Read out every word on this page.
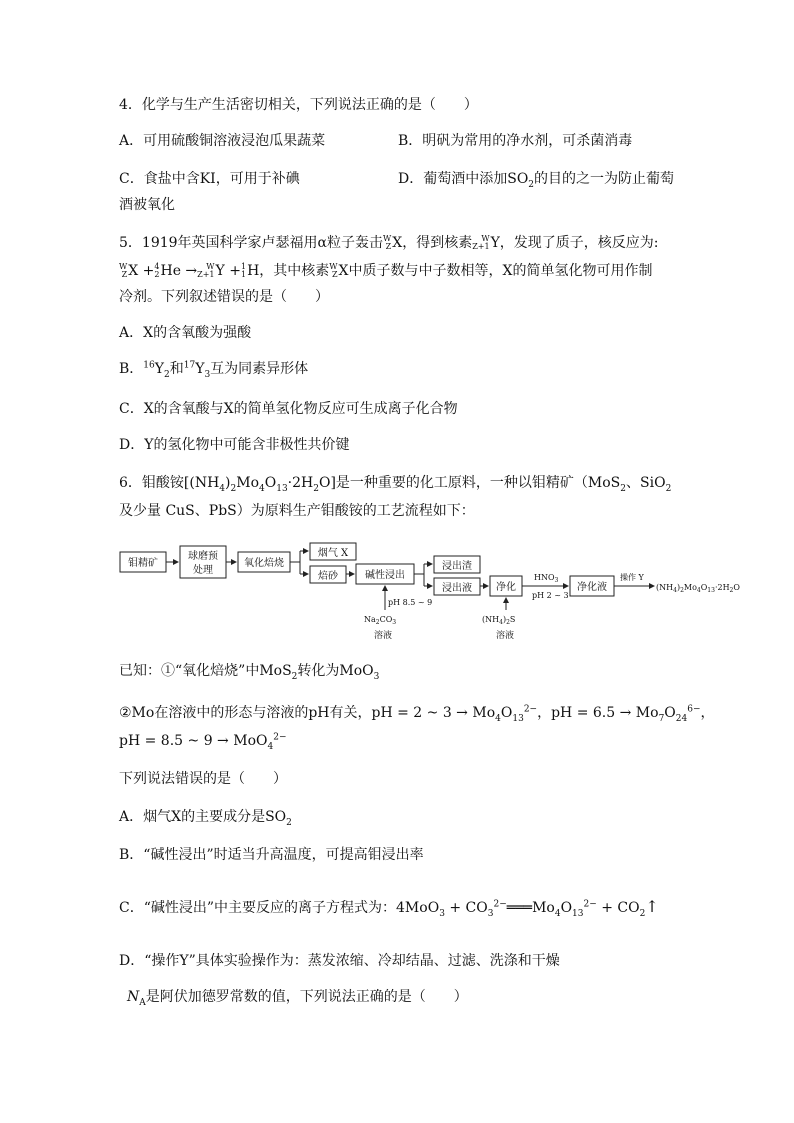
4．化学与生产生活密切相关，下列说法正确的是（　　）
A．可用硫酸铜溶液浸泡瓜果蔬菜	B．明矾为常用的净水剂，可杀菌消毒
C．食盐中含KI，可用于补碘	D．葡萄酒中添加$SO_2$的目的之一为防止葡萄
酒被氧化
5．1919年英国科学家卢瑟福用α粒子轰击 W
Z X，得到核素	W
Z+1 Y，发现了质子，核反应为:
W
Z X + 4
2 He →	W
Z+1 Y + 1
1 H，其中核素 W
Z X中质子数与中子数相等，X的简单氢化物可用作制
冷剂。下列叙述错误的是（　　）
A．X的含氧酸为强酸
B．$^{16}Y_2$和$^{17}Y_3$互为同素异形体
C．X的含氧酸与X的简单氢化物反应可生成离子化合物
D．Y的氢化物中可能含非极性共价键
6．钼酸铵$[(NH_4)_2Mo_4O_{13}\cdot 2H_2O]$是一种重要的化工原料，一种以钼精矿（MoS$_2$、SiO$_2$
及少量 CuS、PbS）为原料生产钼酸铵的工艺流程如下：
钼精矿
球磨预
处理
氧化焙烧
烟气 X
焙砂	碱性浸出
浸出渣
浸出液 净化	净化液
pH 8.5 ~ 9
$Na_2CO_3$
溶液
$(NH_4)_2S$
溶液
$HNO_3$
pH 2 ~ 3
操作 Y
$(NH_4)_2Mo_4O_{13}\cdot 2H_2O$
已知：①“氧化焙烧”中MoS$_2$转化为MoO$_3$
②Mo在溶液中的形态与溶液的pH有关，pH = 2 ~ $3 \to Mo_4O_{13}^{2-}$，pH = $6.5 \to Mo_7O_{24}^{6-}$，
pH = 8.5 ~ 9 → MoO$_4^{2-}$
下列说法错误的是（　　）
A．烟气X的主要成分是$SO_2$
B．“碱性浸出”时适当升高温度，可提高钼浸出率
C．“碱性浸出”中主要反应的离子方程式为：$4MoO_3 + CO_3^{2-}═══Mo_4O_{13}^{2-}$ + $CO_2↑$
D．“操作Y”具体实验操作为：蒸发浓缩、冷却结晶、过滤、洗涤和干燥
$N_A$是阿伏加德罗常数的值，下列说法正确的是（　　）
